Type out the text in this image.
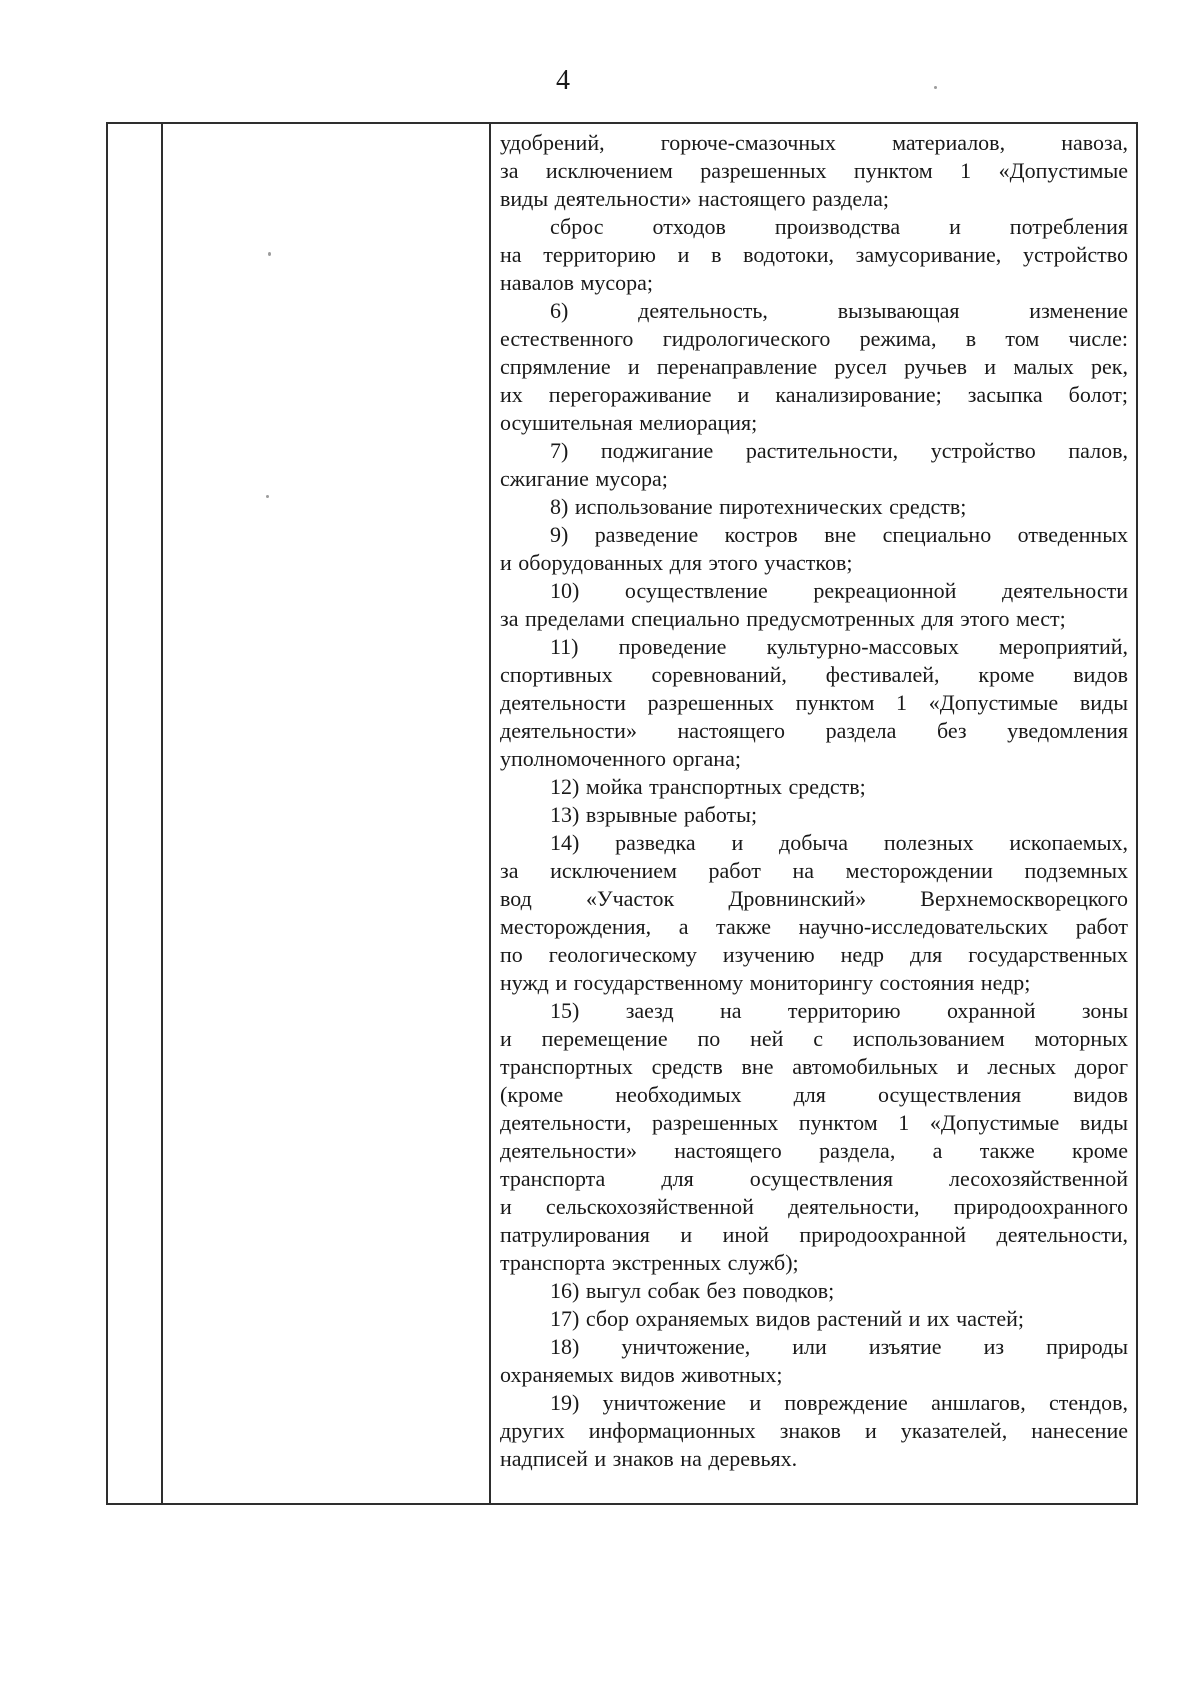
4
удобрений, горюче-смазочных материалов, навоза,
за исключением разрешенных пунктом 1 «Допустимые
виды деятельности» настоящего раздела;
сброс отходов производства и потребления
на территорию и в водотоки, замусоривание, устройство
навалов мусора;
6) деятельность, вызывающая изменение
естественного гидрологического режима, в том числе:
спрямление и перенаправление русел ручьев и малых рек,
их перегораживание и канализирование; засыпка болот;
осушительная мелиорация;
7) поджигание растительности, устройство палов,
сжигание мусора;
8) использование пиротехнических средств;
9) разведение костров вне специально отведенных
и оборудованных для этого участков;
10) осуществление рекреационной деятельности
за пределами специально предусмотренных для этого мест;
11) проведение культурно-массовых мероприятий,
спортивных соревнований, фестивалей, кроме видов
деятельности разрешенных пунктом 1 «Допустимые виды
деятельности» настоящего раздела без уведомления
уполномоченного органа;
12) мойка транспортных средств;
13) взрывные работы;
14) разведка и добыча полезных ископаемых,
за исключением работ на месторождении подземных
вод «Участок Дровнинский» Верхнемоскворецкого
месторождения, а также научно-исследовательских работ
по геологическому изучению недр для государственных
нужд и государственному мониторингу состояния недр;
15) заезд на территорию охранной зоны
и перемещение по ней с использованием моторных
транспортных средств вне автомобильных и лесных дорог
(кроме необходимых для осуществления видов
деятельности, разрешенных пунктом 1 «Допустимые виды
деятельности» настоящего раздела, а также кроме
транспорта для осуществления лесохозяйственной
и сельскохозяйственной деятельности, природоохранного
патрулирования и иной природоохранной деятельности,
транспорта экстренных служб);
16) выгул собак без поводков;
17) сбор охраняемых видов растений и их частей;
18) уничтожение, или изъятие из природы
охраняемых видов животных;
19) уничтожение и повреждение аншлагов, стендов,
других информационных знаков и указателей, нанесение
надписей и знаков на деревьях.
